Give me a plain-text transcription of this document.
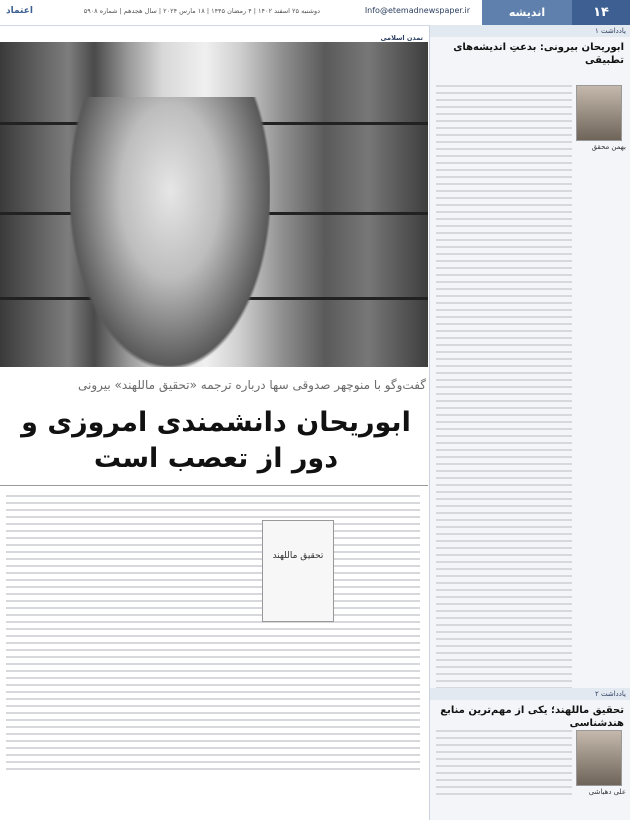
۱۴
اندیشه
Info@etemadnewspaper.ir
دوشنبه ۲۵ اسفند ۱۴۰۲ | ۴ رمضان ۱۴۴۵ | ۱۸ مارس ۲۰۲۴ | سال هجدهم | شماره ۵۹۰۸
اعتماد
تمدن اسلامی
گفت‌وگو با منوچهر صدوقی سها درباره ترجمه «تحقیق ماللهند» بیرونی
ابوریحان دانشمندی امروزی و دور از تعصب است
تحقیق ماللهند
یادداشت ۱
ابوریحان بیرونی: بدعتِ اندیشه‌های تطبیقی
بهمن محقق
یادداشت ۲
تحقیق ماللهند؛ یکی از مهم‌ترین منابع هندشناسی
علی دهباشی
